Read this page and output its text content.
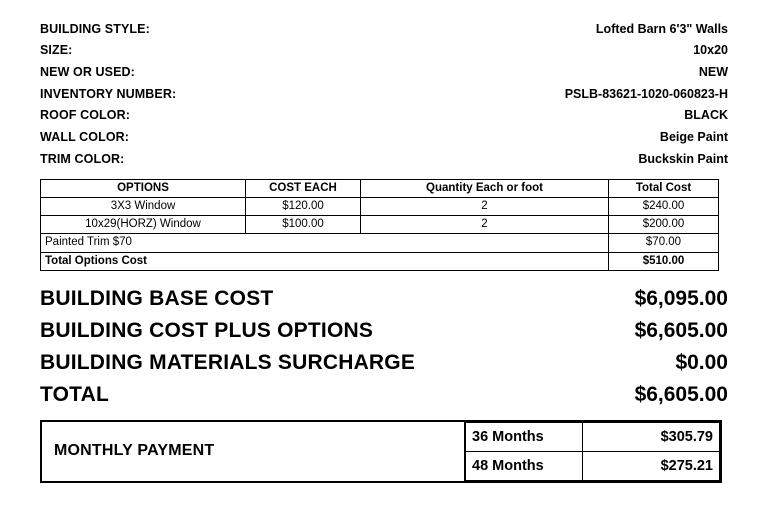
BUILDING STYLE:	Lofted Barn 6'3" Walls
SIZE:	10x20
NEW OR USED:	NEW
INVENTORY NUMBER:	PSLB-83621-1020-060823-H
ROOF COLOR:	BLACK
WALL COLOR:	Beige Paint
TRIM COLOR:	Buckskin Paint
OPTIONS	COST EACH	Quantity Each or foot	Total Cost
3X3 Window	$120.00	2	$240.00
10x29(HORZ) Window	$100.00	2	$200.00
Painted Trim $70			$70.00
Total Options Cost			$510.00
BUILDING BASE COST	$6,095.00
BUILDING COST PLUS OPTIONS	$6,605.00
BUILDING MATERIALS SURCHARGE	$0.00
TOTAL	$6,605.00
MONTHLY PAYMENT
36 Months	$305.79
48 Months	$275.21
